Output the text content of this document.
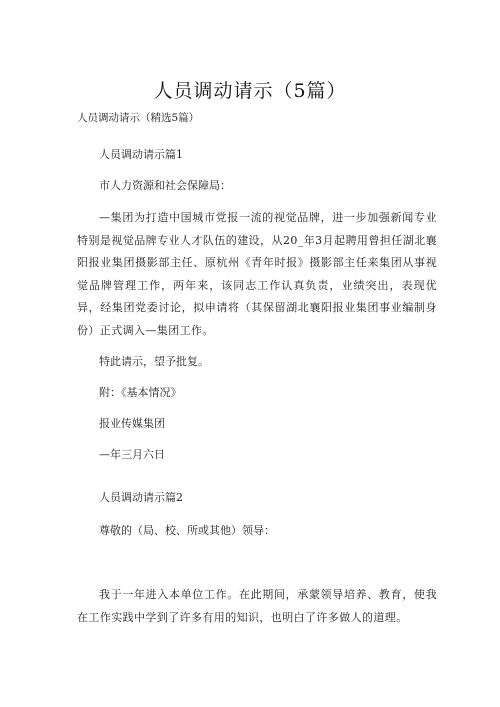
人员调动请示（5篇）
人员调动请示（精选5篇）
人员调动请示篇1
市人力资源和社会保障局：
—集团为打造中国城市党报一流的视觉品牌，进一步加强新闻专业特别是视觉品牌专业人才队伍的建设，从20_年3月起聘用曾担任湖北襄阳报业集团摄影部主任、原杭州《青年时报》摄影部主任来集团从事视觉品牌管理工作，两年来，该同志工作认真负责，业绩突出，表现优异，经集团党委讨论，拟申请将（其保留湖北襄阳报业集团事业编制身份）正式调入—集团工作。
特此请示，望予批复。
附：《基本情况》
报业传媒集团
—年三月六日
人员调动请示篇2
尊敬的（局、校、所或其他）领导：
我于一年进入本单位工作。在此期间，承蒙领导培养、教育，使我在工作实践中学到了许多有用的知识，也明白了许多做人的道理。
